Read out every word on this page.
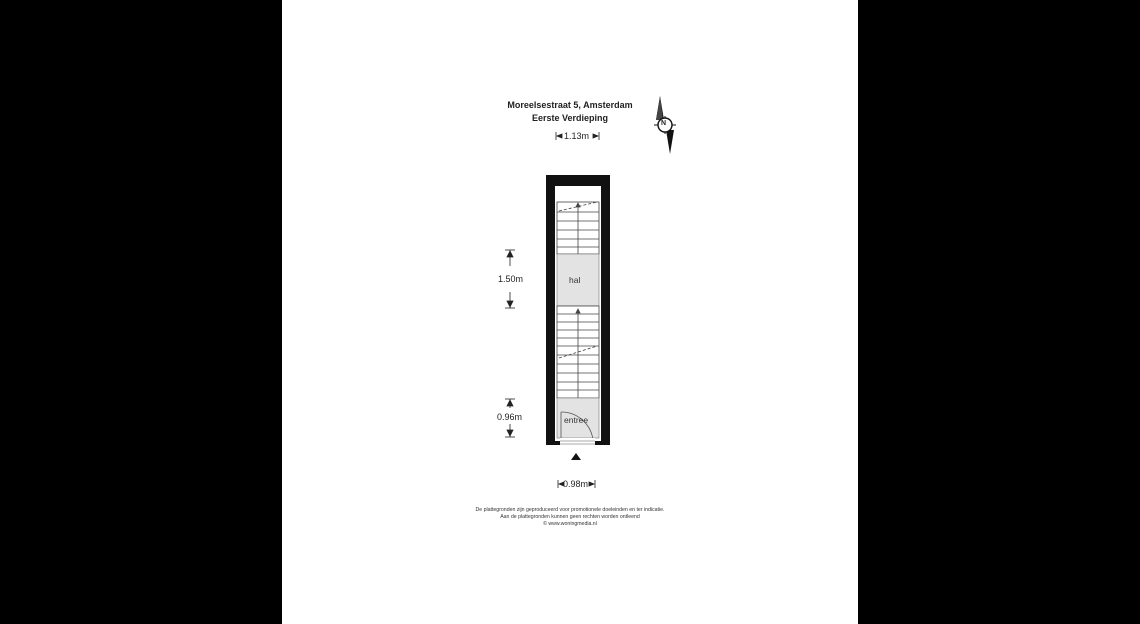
Moreelsestraat 5, Amsterdam
Eerste Verdieping
N
1.13m
1.50m
0.96m
0.98m
hal
entree
De plattegronden zijn geproduceerd voor promotionele doeleinden en ter indicatie.
Aan de plattegronden kunnen geen rechten worden ontleend
© www.woningmedia.nl
